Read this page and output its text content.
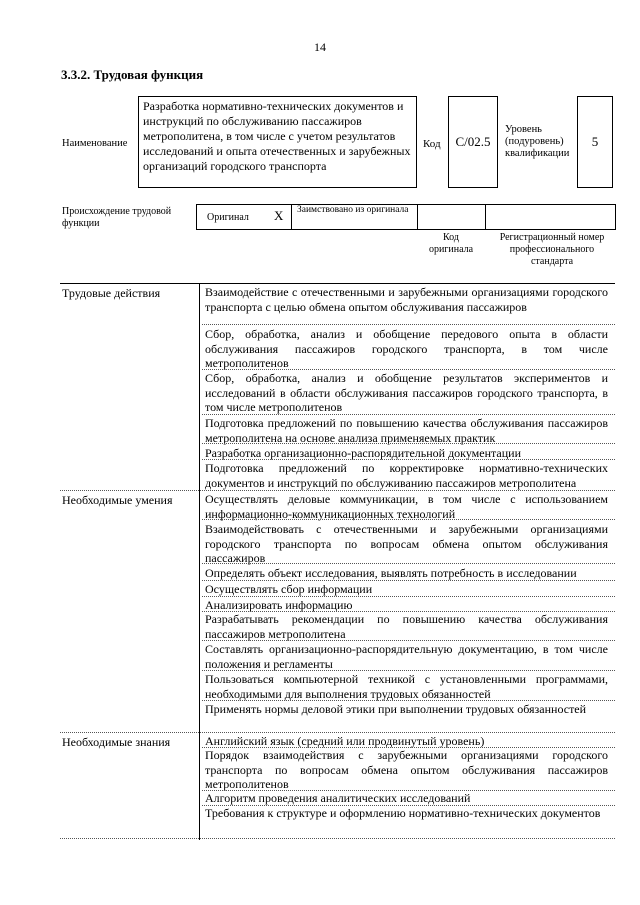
14
3.3.2. Трудовая функция
Наименование
Разработка нормативно-технических документов и инструкций по обслуживанию пассажиров метрополитена, в том числе с учетом результатов исследований и опыта отечественных и зарубежных организаций городского транспорта
Код	C/02.5
Уровень (подуровень) квалификации
5
Происхождение трудовой функции
Оригинал X Заимствовано из оригинала
Код оригинала
Регистрационный номер профессионального стандарта
Трудовые действия
Необходимые умения
Необходимые знания
Взаимодействие с отечественными и зарубежными организациями городского транспорта с целью обмена опытом обслуживания пассажиров
Сбор, обработка, анализ и обобщение передового опыта в области обслуживания пассажиров городского транспорта, в том числе метрополитенов
Сбор, обработка, анализ и обобщение результатов экспериментов и исследований в области обслуживания пассажиров городского транспорта, в том числе метрополитенов
Подготовка предложений по повышению качества обслуживания пассажиров метрополитена на основе анализа применяемых практик
Разработка организационно-распорядительной документации
Подготовка предложений по корректировке нормативно-технических документов и инструкций по обслуживанию пассажиров метрополитена
Осуществлять деловые коммуникации, в том числе с использованием информационно-коммуникационных технологий
Взаимодействовать с отечественными и зарубежными организациями городского транспорта по вопросам обмена опытом обслуживания пассажиров
Определять объект исследования, выявлять потребность в исследовании
Осуществлять сбор информации
Анализировать информацию
Разрабатывать рекомендации по повышению качества обслуживания пассажиров метрополитена
Составлять организационно-распорядительную документацию, в том числе положения и регламенты
Пользоваться компьютерной техникой с установленными программами, необходимыми для выполнения трудовых обязанностей
Применять нормы деловой этики при выполнении трудовых обязанностей
Английский язык (средний или продвинутый уровень)
Порядок взаимодействия с зарубежными организациями городского транспорта по вопросам обмена опытом обслуживания пассажиров метрополитенов
Алгоритм проведения аналитических исследований
Требования к структуре и оформлению нормативно-технических документов
